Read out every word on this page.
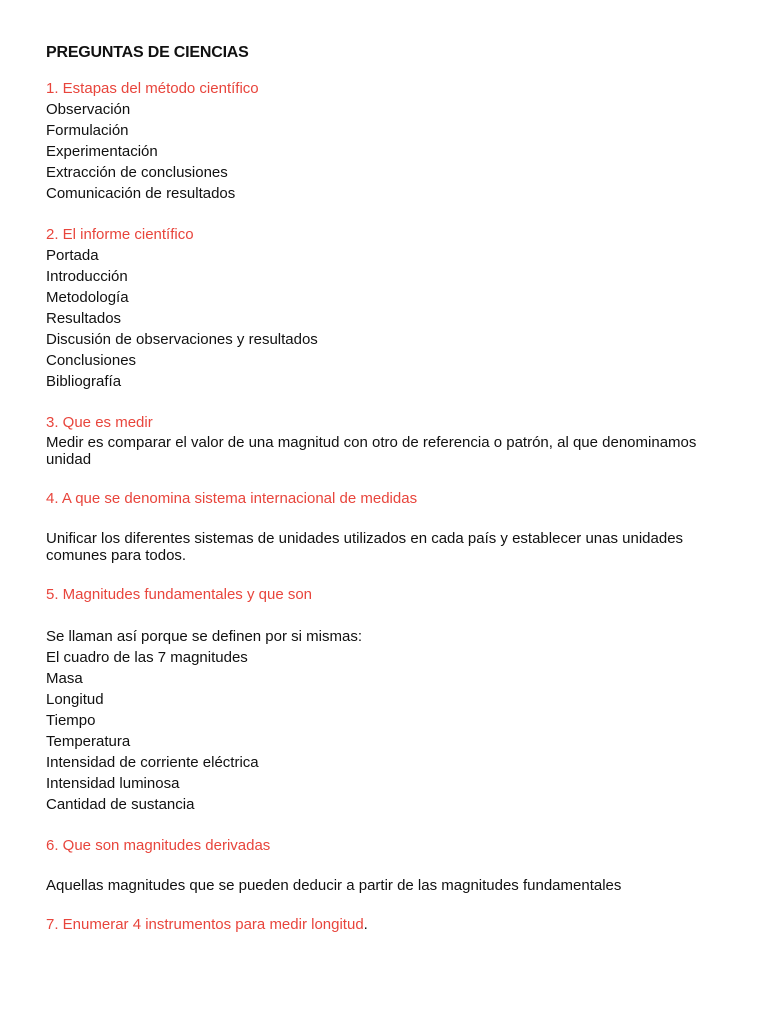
PREGUNTAS DE CIENCIAS
1. Estapas del método científico
Observación
Formulación
Experimentación
Extracción de conclusiones
Comunicación de resultados
2. El informe científico
Portada
Introducción
Metodología
Resultados
Discusión de observaciones y resultados
Conclusiones
Bibliografía
3. Que es medir
Medir es comparar el valor de una magnitud con otro de referencia o patrón, al que denominamos unidad
4. A que se denomina sistema internacional de medidas
Unificar los diferentes sistemas de unidades utilizados en cada país y establecer unas unidades comunes para todos.
5. Magnitudes fundamentales y que son
Se llaman así porque se definen por si mismas:
El cuadro de las 7 magnitudes
Masa
Longitud
Tiempo
Temperatura
Intensidad de corriente eléctrica
Intensidad luminosa
Cantidad de sustancia
6. Que son magnitudes derivadas
Aquellas magnitudes que se pueden deducir a partir de las magnitudes fundamentales
7. Enumerar 4 instrumentos para medir longitud.
